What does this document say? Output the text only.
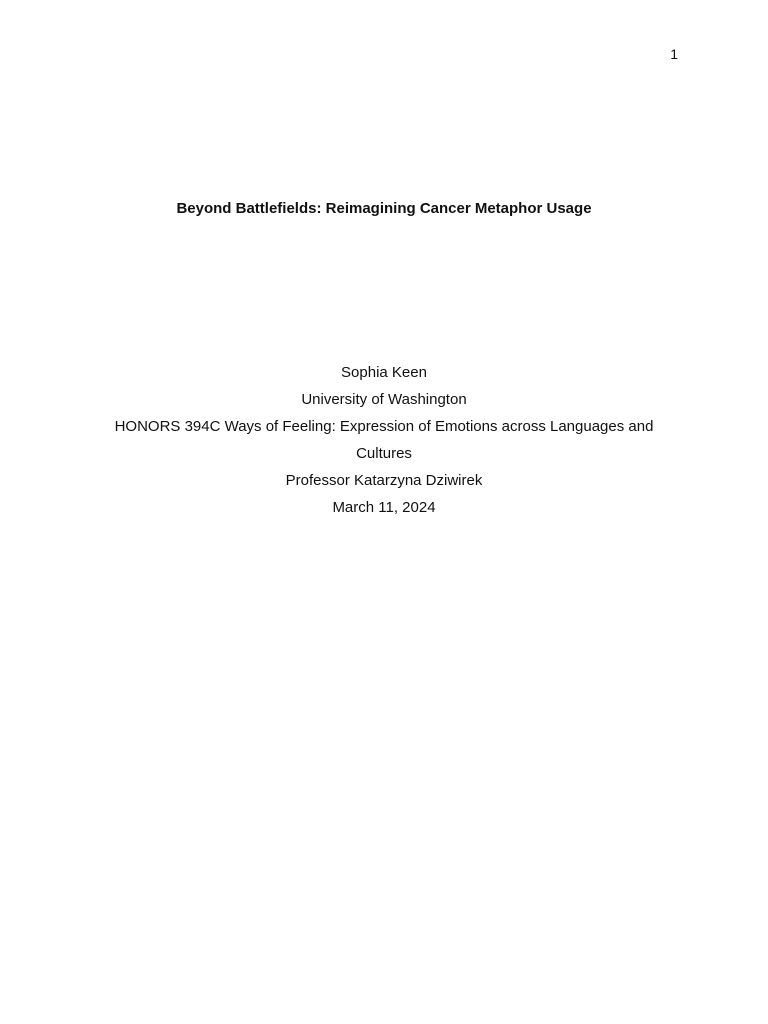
1
Beyond Battlefields: Reimagining Cancer Metaphor Usage
Sophia Keen
University of Washington
HONORS 394C Ways of Feeling: Expression of Emotions across Languages and Cultures
Professor Katarzyna Dziwirek
March 11, 2024
